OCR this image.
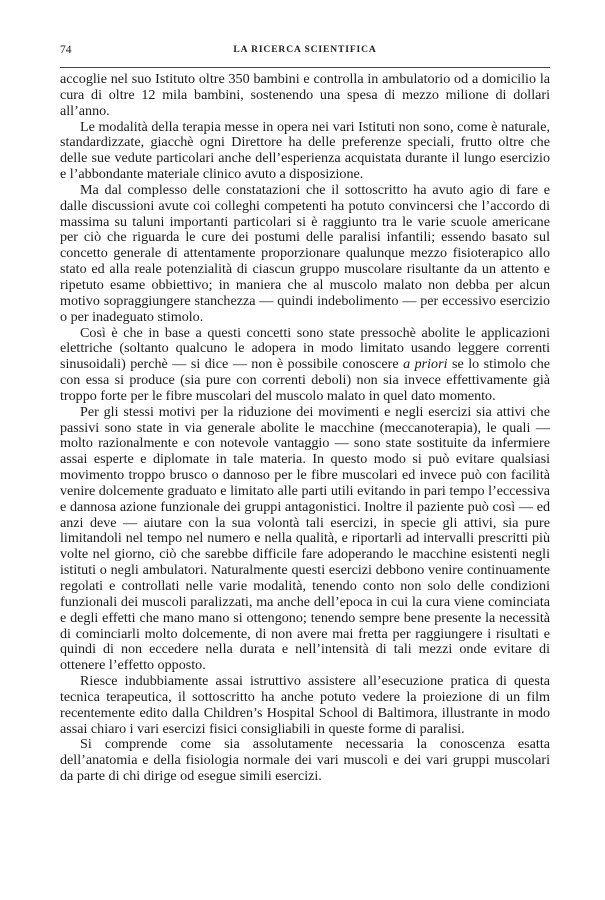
74	LA RICERCA SCIENTIFICA

accoglie nel suo Istituto oltre 350 bambini e controlla in ambulatorio od a domicilio la cura di oltre 12 mila bambini, sostenendo una spesa di mezzo milione di dollari all’anno.

Le modalità della terapia messe in opera nei vari Istituti non sono, come è naturale, standardizzate, giacchè ogni Direttore ha delle preferenze speciali, frutto oltre che delle sue vedute particolari anche dell’esperienza acquistata durante il lungo esercizio e l’abbondante materiale clinico avuto a disposizione.

Ma dal complesso delle constatazioni che il sottoscritto ha avuto agio di fare e dalle discussioni avute coi colleghi competenti ha potuto convincersi che l’accordo di massima su taluni importanti particolari si è raggiunto tra le varie scuole americane per ciò che riguarda le cure dei postumi delle paralisi infantili; essendo basato sul concetto generale di attentamente proporzionare qualunque mezzo fisioterapico allo stato ed alla reale potenzialità di ciascun gruppo muscolare risultante da un attento e ripetuto esame obbiettivo; in maniera che al muscolo malato non debba per alcun motivo sopraggiungere stanchezza — quindi indebolimento — per eccessivo esercizio o per inadeguato stimolo.

Così è che in base a questi concetti sono state pressochè abolite le applicazioni elettriche (soltanto qualcuno le adopera in modo limitato usando leggere correnti sinusoidali) perchè — si dice — non è possibile conoscere a priori se lo stimolo che con essa si produce (sia pure con correnti deboli) non sia invece effettivamente già troppo forte per le fibre muscolari del muscolo malato in quel dato momento.

Per gli stessi motivi per la riduzione dei movimenti e negli esercizi sia attivi che passivi sono state in via generale abolite le macchine (meccanoterapia), le quali — molto razionalmente e con notevole vantaggio — sono state sostituite da infermiere assai esperte e diplomate in tale materia. In questo modo si può evitare qualsiasi movimento troppo brusco o dannoso per le fibre muscolari ed invece può con facilità venire dolcemente graduato e limitato alle parti utili evitando in pari tempo l’eccessiva e dannosa azione funzionale dei gruppi antagonistici. Inoltre il paziente può così — ed anzi deve — aiutare con la sua volontà tali esercizi, in specie gli attivi, sia pure limitandoli nel tempo nel numero e nella qualità, e riportarli ad intervalli prescritti più volte nel giorno, ciò che sarebbe difficile fare adoperando le macchine esistenti negli istituti o negli ambulatori. Naturalmente questi esercizi debbono venire continuamente regolati e controllati nelle varie modalità, tenendo conto non solo delle condizioni funzionali dei muscoli paralizzati, ma anche dell’epoca in cui la cura viene cominciata e degli effetti che mano mano si ottengono; tenendo sempre bene presente la necessità di cominciarli molto dolcemente, di non avere mai fretta per raggiungere i risultati e quindi di non eccedere nella durata e nell’intensità di tali mezzi onde evitare di ottenere l’effetto opposto.

Riesce indubbiamente assai istruttivo assistere all’esecuzione pratica di questa tecnica terapeutica, il sottoscritto ha anche potuto vedere la proiezione di un film recentemente edito dalla Children’s Hospital School di Baltimora, illustrante in modo assai chiaro i vari esercizi fisici consigliabili in queste forme di paralisi.

Si comprende come sia assolutamente necessaria la conoscenza esatta dell’anatomia e della fisiologia normale dei vari muscoli e dei vari gruppi muscolari da parte di chi dirige od esegue simili esercizi.
